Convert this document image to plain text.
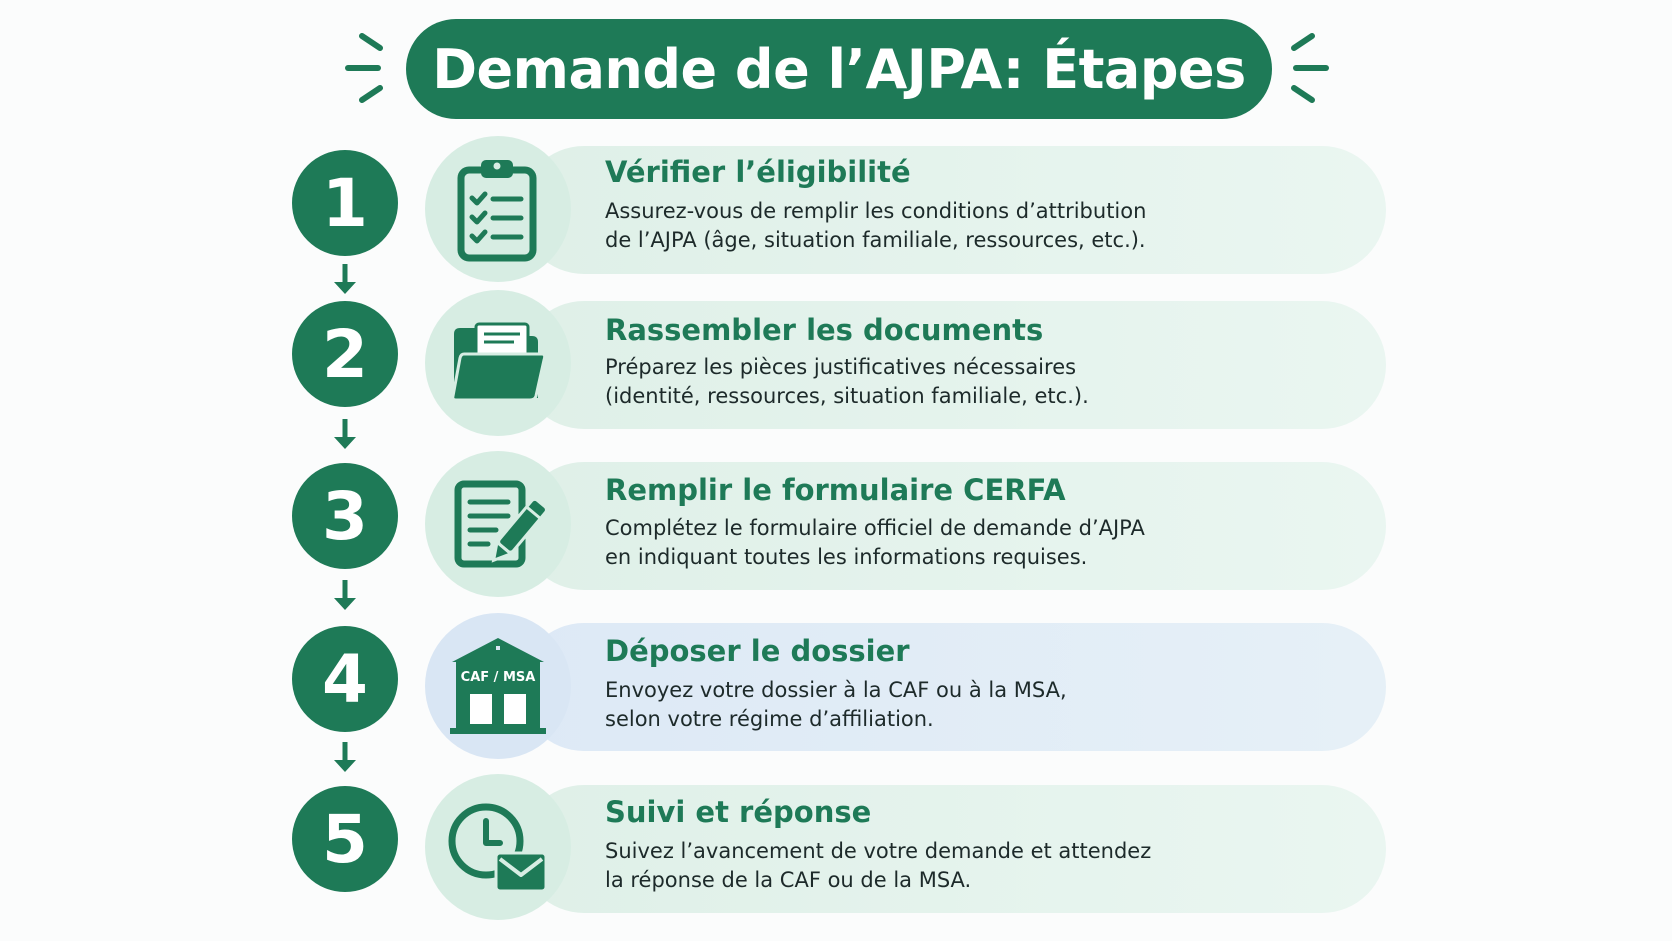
Demande de l’AJPA: Étapes
1	Vérifier l’éligibilité
Assurez-vous de remplir les conditions d’attribution
de l’AJPA (âge, situation familiale, ressources, etc.).
2	Rassembler les documents
Préparez les pièces justificatives nécessaires
(identité, ressources, situation familiale, etc.).
3	Remplir le formulaire CERFA
Complétez le formulaire officiel de demande d’AJPA
en indiquant toutes les informations requises.
4	CAF / MSA
Déposer le dossier
Envoyez votre dossier à la CAF ou à la MSA,
selon votre régime d’affiliation.
5	Suivi et réponse
Suivez l’avancement de votre demande et attendez
la réponse de la CAF ou de la MSA.
